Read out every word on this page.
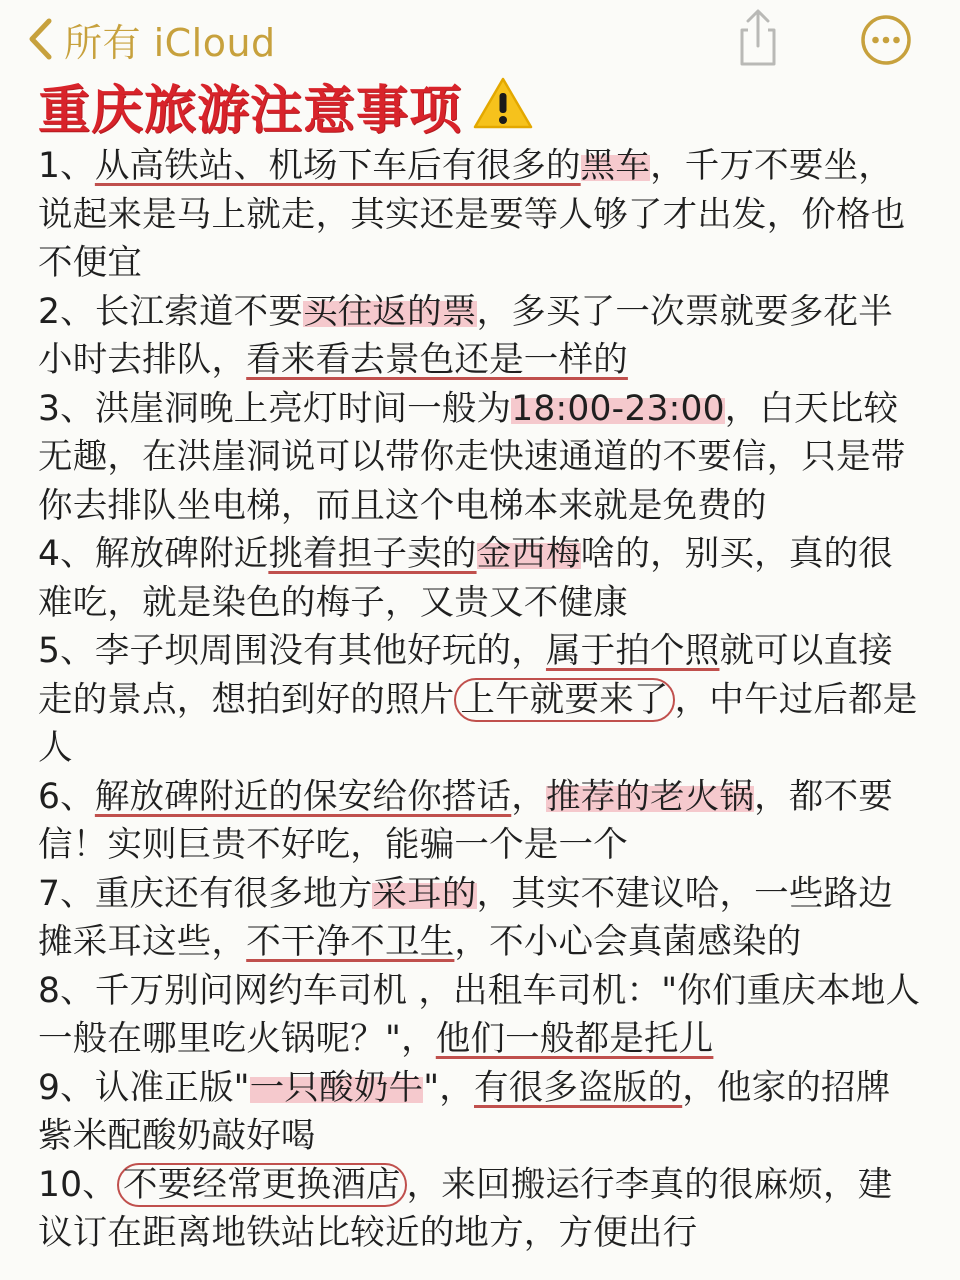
所有 iCloud
重庆旅游注意事项
1、从高铁站、机场下车后有很多的黑车，千万不要坐，说起来是马上就走，其实还是要等人够了才出发，价格也不便宜
2、长江索道不要买往返的票，多买了一次票就要多花半小时去排队，看来看去景色还是一样的
3、洪崖洞晚上亮灯时间一般为18:00-23:00，白天比较无趣，在洪崖洞说可以带你走快速通道的不要信，只是带你去排队坐电梯，而且这个电梯本来就是免费的
4、解放碑附近挑着担子卖的金西梅啥的，别买，真的很难吃，就是染色的梅子，又贵又不健康
5、李子坝周围没有其他好玩的，属于拍个照就可以直接走的景点，想拍到好的照片 上午就要来了 ，中午过后都是人
6、解放碑附近的保安给你搭话，推荐的老火锅，都不要信！实则巨贵不好吃，能骗一个是一个
7、重庆还有很多地方采耳的，其实不建议哈，一些路边摊采耳这些，不干净不卫生，不小心会真菌感染的
8、千万别问网约车司机 ，出租车司机："你们重庆本地人一般在哪里吃火锅呢？"，他们一般都是托儿
9、认准正版"一只酸奶牛"，有很多盗版的，他家的招牌紫米配酸奶敲好喝
10、 不要经常更换酒店 ，来回搬运行李真的很麻烦，建议订在距离地铁站比较近的地方，方便出行
